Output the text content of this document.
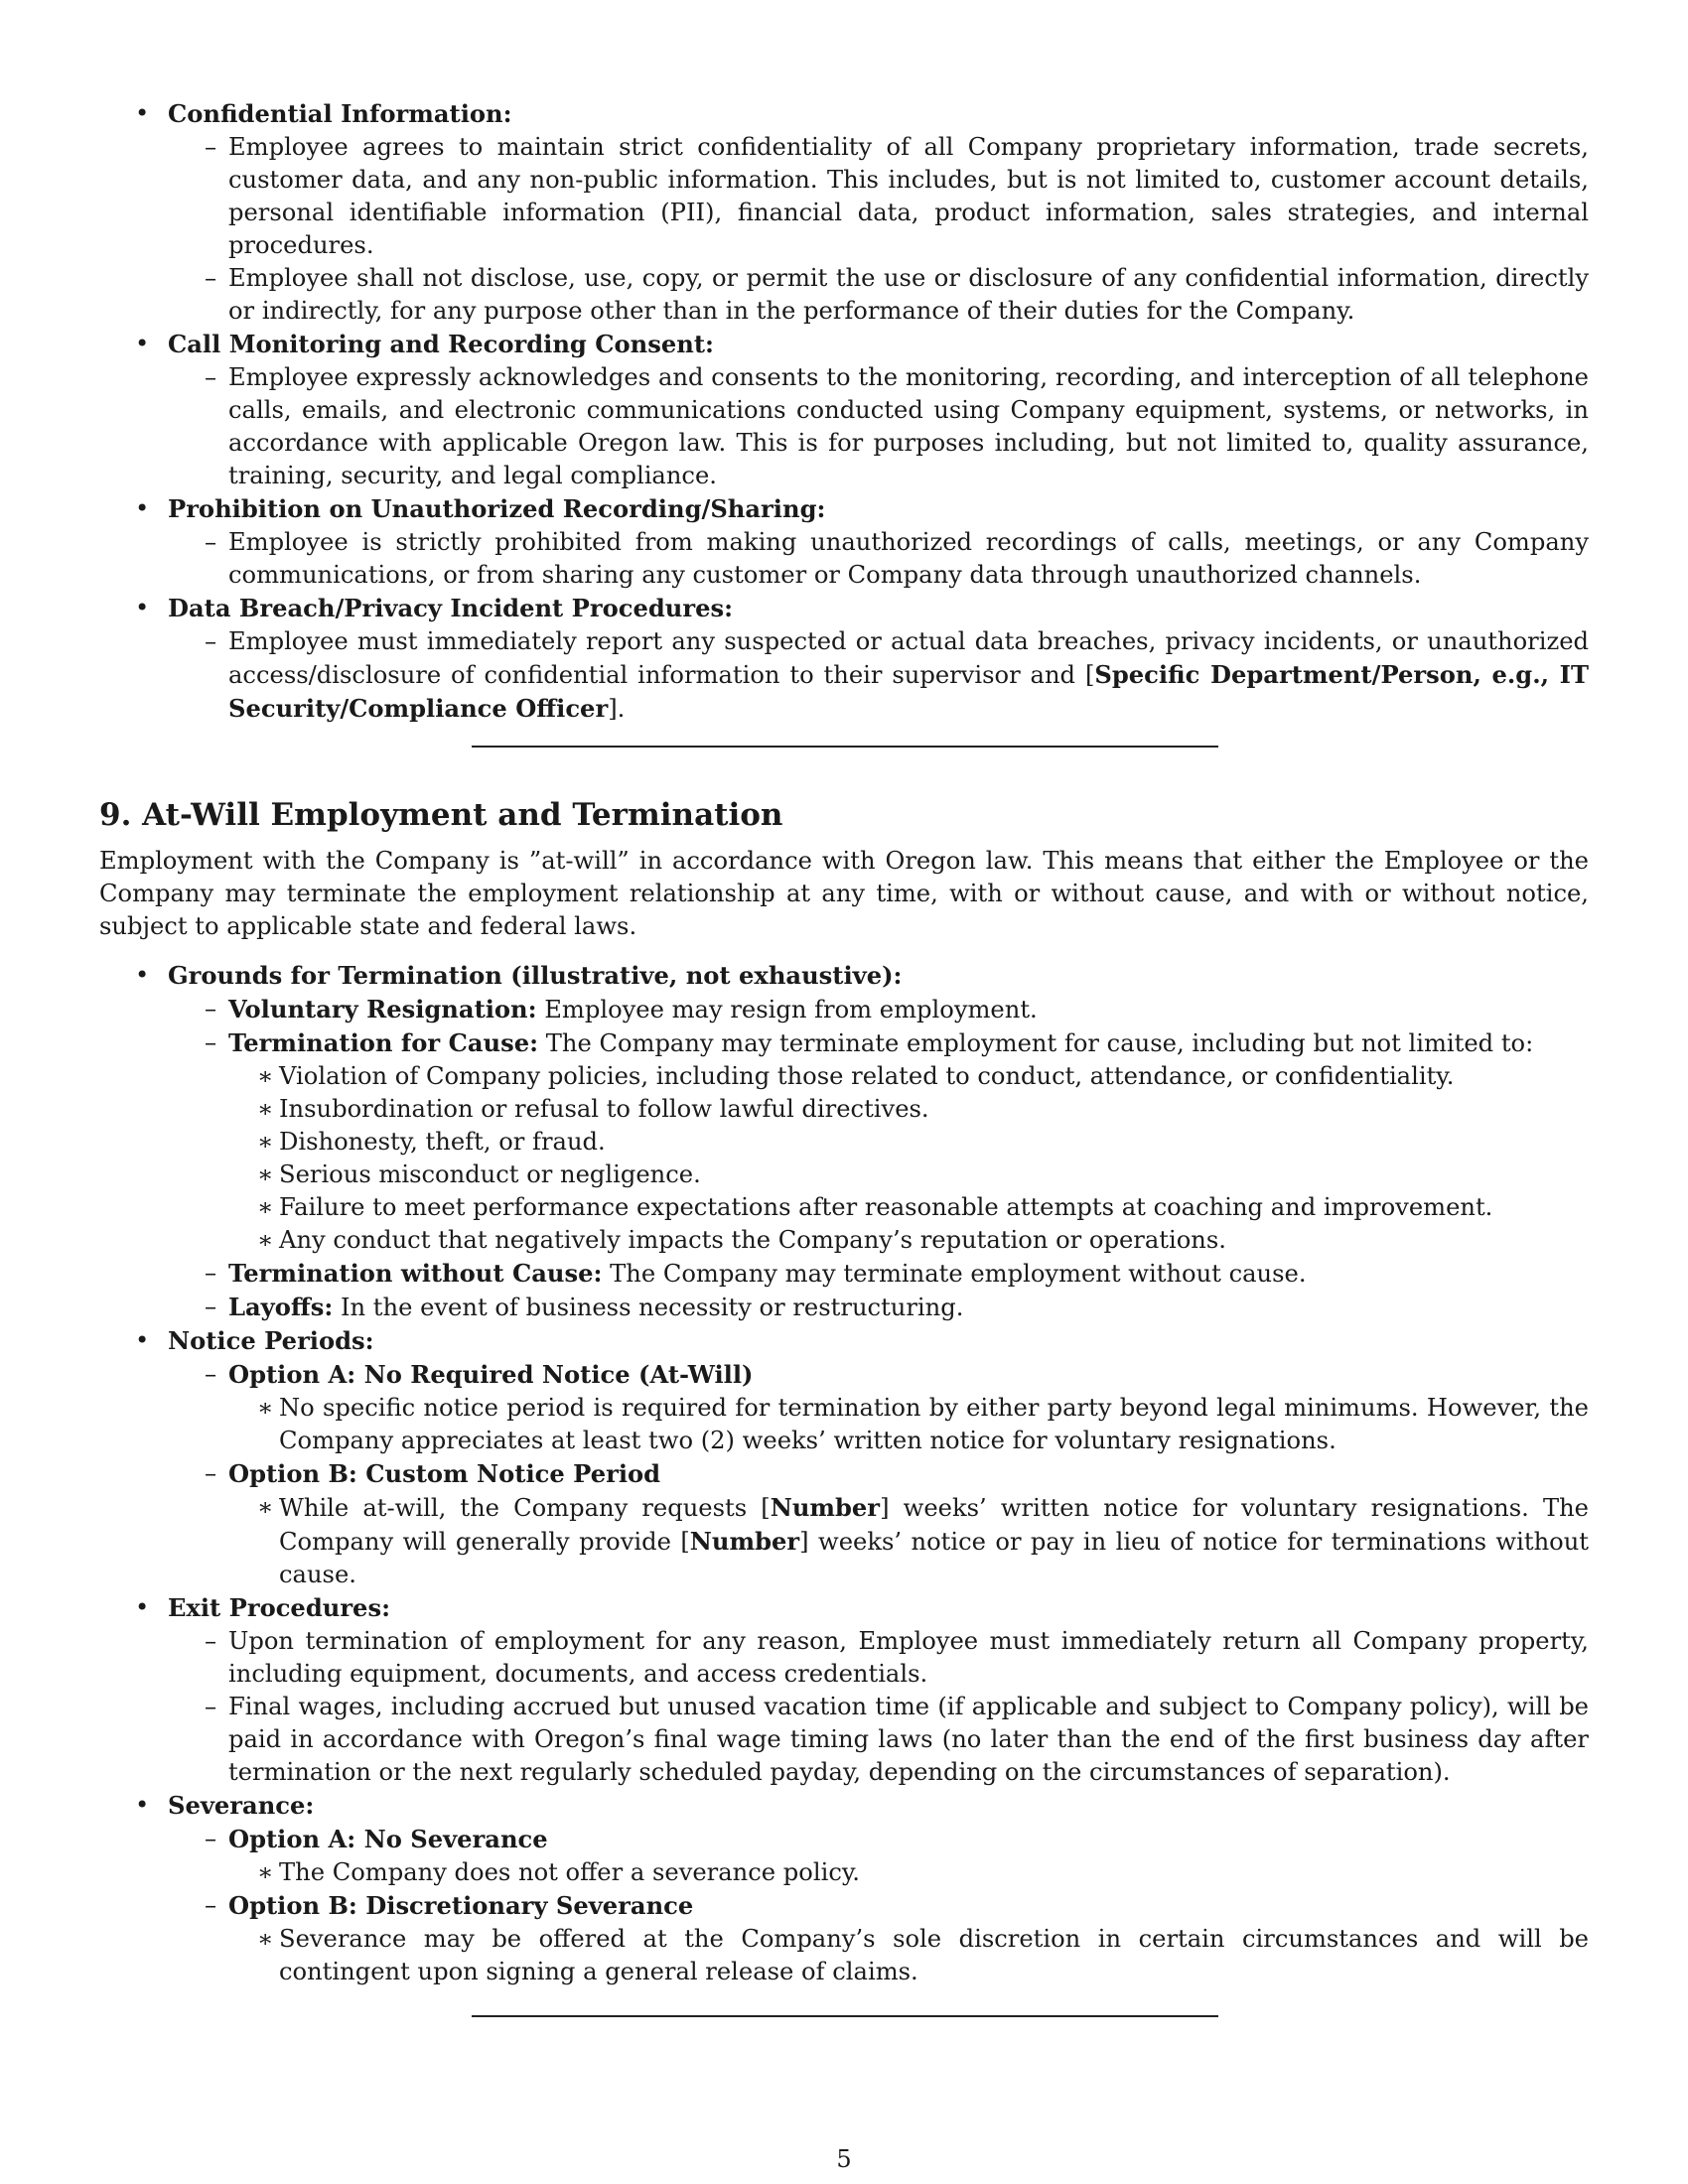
• Confidential Information:
– Employee agrees to maintain strict confidentiality of all Company proprietary information, trade secrets, customer data, and any non-public information. This includes, but is not limited to, customer account details, personal identifiable information (PII), financial data, product information, sales strategies, and internal procedures.
– Employee shall not disclose, use, copy, or permit the use or disclosure of any confidential information, directly or indirectly, for any purpose other than in the performance of their duties for the Company.
• Call Monitoring and Recording Consent:
– Employee expressly acknowledges and consents to the monitoring, recording, and interception of all telephone calls, emails, and electronic communications conducted using Company equipment, systems, or networks, in accordance with applicable Oregon law. This is for purposes including, but not limited to, quality assurance, training, security, and legal compliance.
• Prohibition on Unauthorized Recording/Sharing:
– Employee is strictly prohibited from making unauthorized recordings of calls, meetings, or any Company communications, or from sharing any customer or Company data through unauthorized channels.
• Data Breach/Privacy Incident Procedures:
– Employee must immediately report any suspected or actual data breaches, privacy incidents, or unauthorized access/disclosure of confidential information to their supervisor and [Specific Department/Person, e.g., IT Security/Compliance Officer].
9. At-Will Employment and Termination

Employment with the Company is ”at-will” in accordance with Oregon law. This means that either the Employee or the Company may terminate the employment relationship at any time, with or without cause, and with or without notice, subject to applicable state and federal laws.

• Grounds for Termination (illustrative, not exhaustive):
– Voluntary Resignation: Employee may resign from employment.
– Termination for Cause: The Company may terminate employment for cause, including but not limited to:
∗ Violation of Company policies, including those related to conduct, attendance, or confidentiality.
∗ Insubordination or refusal to follow lawful directives.
∗ Dishonesty, theft, or fraud.
∗ Serious misconduct or negligence.
∗ Failure to meet performance expectations after reasonable attempts at coaching and improvement.
∗ Any conduct that negatively impacts the Company’s reputation or operations.
– Termination without Cause: The Company may terminate employment without cause.
– Layoffs: In the event of business necessity or restructuring.
• Notice Periods:
– Option A: No Required Notice (At-Will)
∗ No specific notice period is required for termination by either party beyond legal minimums. However, the Company appreciates at least two (2) weeks’ written notice for voluntary resignations.
– Option B: Custom Notice Period
∗ While at-will, the Company requests [Number] weeks’ written notice for voluntary resignations. The Company will generally provide [Number] weeks’ notice or pay in lieu of notice for terminations without cause.
• Exit Procedures:
– Upon termination of employment for any reason, Employee must immediately return all Company property, including equipment, documents, and access credentials.
– Final wages, including accrued but unused vacation time (if applicable and subject to Company policy), will be paid in accordance with Oregon’s final wage timing laws (no later than the end of the first business day after termination or the next regularly scheduled payday, depending on the circumstances of separation).
• Severance:
– Option A: No Severance
∗ The Company does not offer a severance policy.
– Option B: Discretionary Severance
∗ Severance may be offered at the Company’s sole discretion in certain circumstances and will be contingent upon signing a general release of claims.
5
